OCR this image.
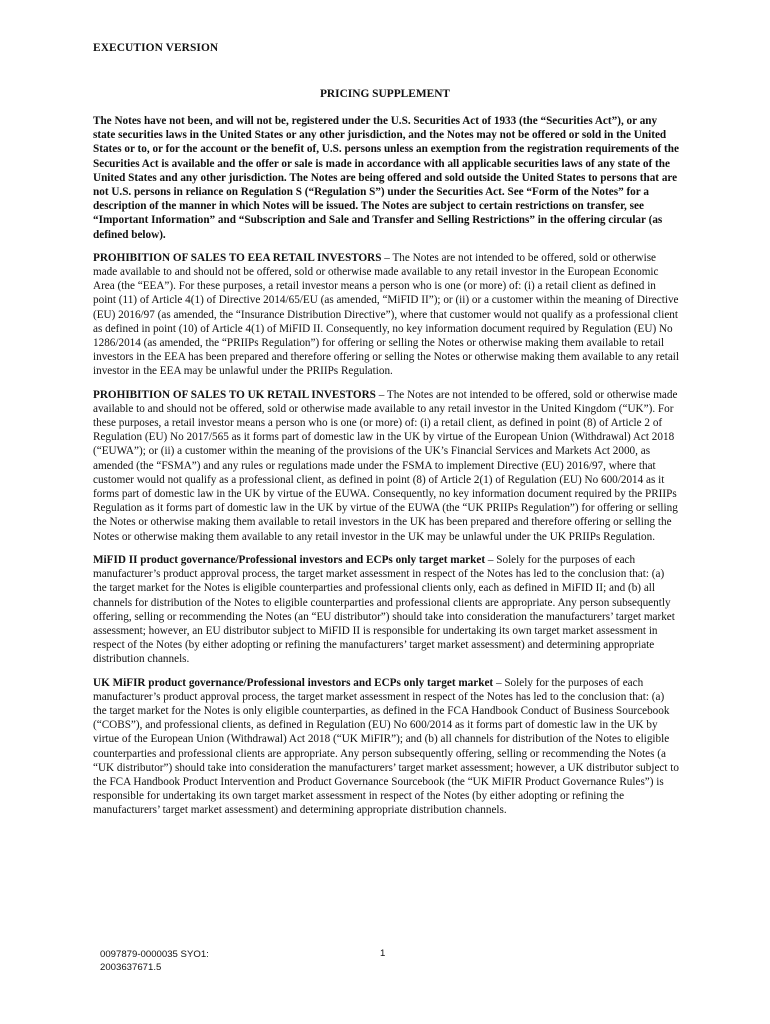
EXECUTION VERSION
PRICING SUPPLEMENT

The Notes have not been, and will not be, registered under the U.S. Securities Act of 1933 (the “Securities Act”), or any state securities laws in the United States or any other jurisdiction, and the Notes may not be offered or sold in the United States or to, or for the account or the benefit of, U.S. persons unless an exemption from the registration requirements of the Securities Act is available and the offer or sale is made in accordance with all applicable securities laws of any state of the United States and any other jurisdiction. The Notes are being offered and sold outside the United States to persons that are not U.S. persons in reliance on Regulation S (“Regulation S”) under the Securities Act. See “Form of the Notes” for a description of the manner in which Notes will be issued. The Notes are subject to certain restrictions on transfer, see “Important Information” and “Subscription and Sale and Transfer and Selling Restrictions” in the offering circular (as defined below).

PROHIBITION OF SALES TO EEA RETAIL INVESTORS – The Notes are not intended to be offered, sold or otherwise made available to and should not be offered, sold or otherwise made available to any retail investor in the European Economic Area (the “EEA”). For these purposes, a retail investor means a person who is one (or more) of: (i) a retail client as defined in point (11) of Article 4(1) of Directive 2014/65/EU (as amended, “MiFID II”); or (ii) or a customer within the meaning of Directive (EU) 2016/97 (as amended, the “Insurance Distribution Directive”), where that customer would not qualify as a professional client as defined in point (10) of Article 4(1) of MiFID II. Consequently, no key information document required by Regulation (EU) No 1286/2014 (as amended, the “PRIIPs Regulation”) for offering or selling the Notes or otherwise making them available to retail investors in the EEA has been prepared and therefore offering or selling the Notes or otherwise making them available to any retail investor in the EEA may be unlawful under the PRIIPs Regulation.

PROHIBITION OF SALES TO UK RETAIL INVESTORS – The Notes are not intended to be offered, sold or otherwise made available to and should not be offered, sold or otherwise made available to any retail investor in the United Kingdom (“UK”). For these purposes, a retail investor means a person who is one (or more) of: (i) a retail client, as defined in point (8) of Article 2 of Regulation (EU) No 2017/565 as it forms part of domestic law in the UK by virtue of the European Union (Withdrawal) Act 2018 (“EUWA”); or (ii) a customer within the meaning of the provisions of the UK’s Financial Services and Markets Act 2000, as amended (the “FSMA”) and any rules or regulations made under the FSMA to implement Directive (EU) 2016/97, where that customer would not qualify as a professional client, as defined in point (8) of Article 2(1) of Regulation (EU) No 600/2014 as it forms part of domestic law in the UK by virtue of the EUWA. Consequently, no key information document required by the PRIIPs Regulation as it forms part of domestic law in the UK by virtue of the EUWA (the “UK PRIIPs Regulation”) for offering or selling the Notes or otherwise making them available to retail investors in the UK has been prepared and therefore offering or selling the Notes or otherwise making them available to any retail investor in the UK may be unlawful under the UK PRIIPs Regulation.

MiFID II product governance/Professional investors and ECPs only target market – Solely for the purposes of each manufacturer’s product approval process, the target market assessment in respect of the Notes has led to the conclusion that: (a) the target market for the Notes is eligible counterparties and professional clients only, each as defined in MiFID II; and (b) all channels for distribution of the Notes to eligible counterparties and professional clients are appropriate. Any person subsequently offering, selling or recommending the Notes (an “EU distributor”) should take into consideration the manufacturers’ target market assessment; however, an EU distributor subject to MiFID II is responsible for undertaking its own target market assessment in respect of the Notes (by either adopting or refining the manufacturers’ target market assessment) and determining appropriate distribution channels.

UK MiFIR product governance/Professional investors and ECPs only target market – Solely for the purposes of each manufacturer’s product approval process, the target market assessment in respect of the Notes has led to the conclusion that: (a) the target market for the Notes is only eligible counterparties, as defined in the FCA Handbook Conduct of Business Sourcebook (“COBS”), and professional clients, as defined in Regulation (EU) No 600/2014 as it forms part of domestic law in the UK by virtue of the European Union (Withdrawal) Act 2018 (“UK MiFIR”); and (b) all channels for distribution of the Notes to eligible counterparties and professional clients are appropriate. Any person subsequently offering, selling or recommending the Notes (a “UK distributor”) should take into consideration the manufacturers’ target market assessment; however, a UK distributor subject to the FCA Handbook Product Intervention and Product Governance Sourcebook (the “UK MiFIR Product Governance Rules”) is responsible for undertaking its own target market assessment in respect of the Notes (by either adopting or refining the manufacturers’ target market assessment) and determining appropriate distribution channels.

0097879-0000035 SYO1:
2003637671.5
1
